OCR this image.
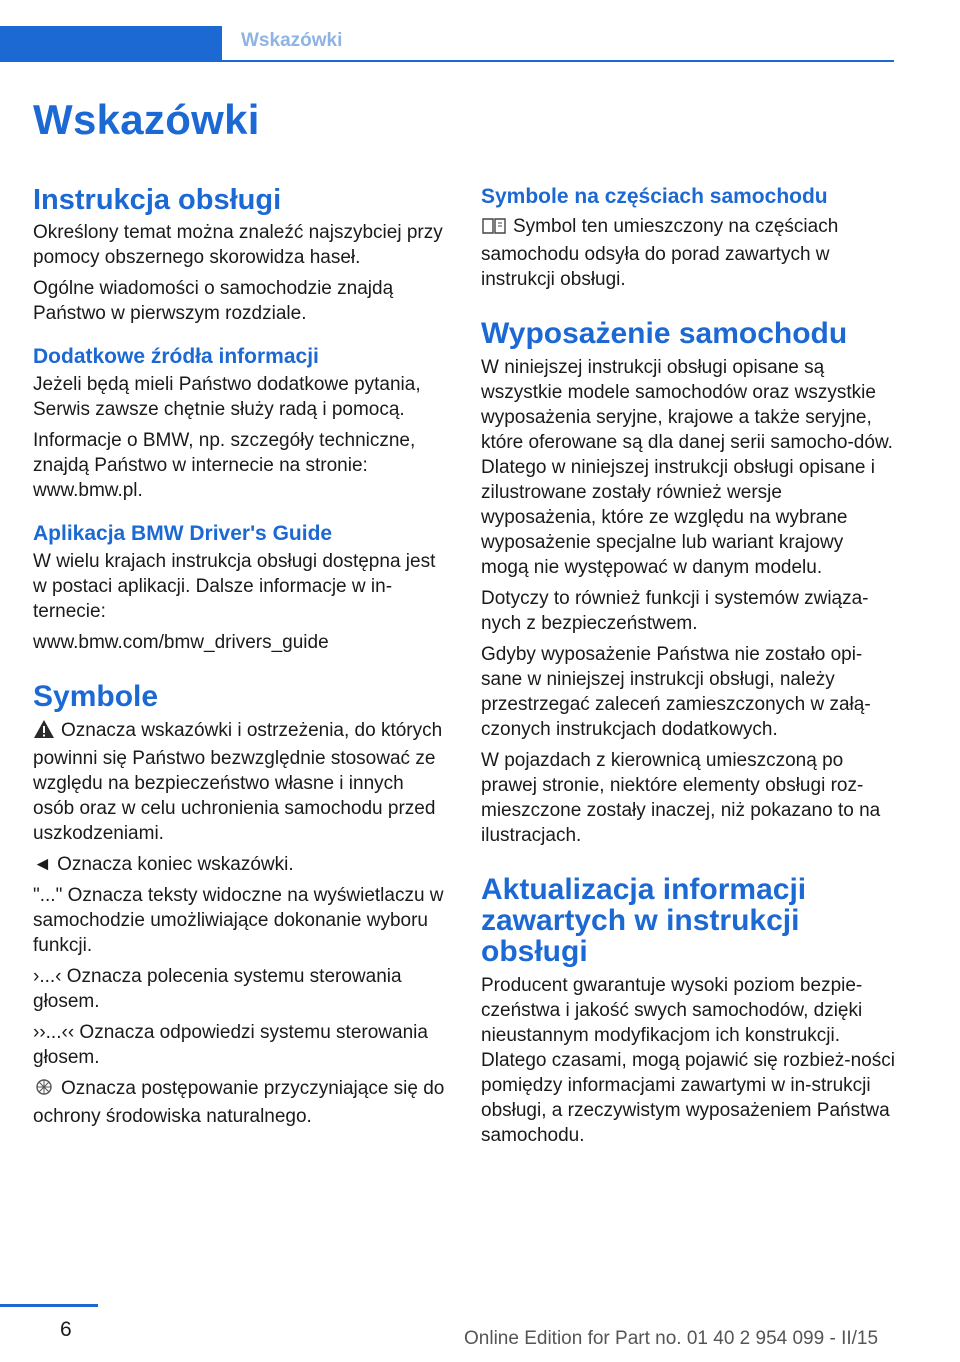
Wskazówki
Wskazówki
Instrukcja obsługi

Określony temat można znaleźć najszybciej przy pomocy obszernego skorowidza haseł.

Ogólne wiadomości o samochodzie znajdą Państwo w pierwszym rozdziale.

Dodatkowe źródła informacji

Jeżeli będą mieli Państwo dodatkowe pytania, Serwis zawsze chętnie służy radą i pomocą.

Informacje o BMW, np. szczegóły techniczne, znajdą Państwo w internecie na stronie: www.bmw.pl.

Aplikacja BMW Driver's Guide

W wielu krajach instrukcja obsługi dostępna jest w postaci aplikacji. Dalsze informacje w in‐ternecie:

www.bmw.com/bmw_drivers_guide

Symbole

Oznacza wskazówki i ostrzeżenia, do których powinni się Państwo bezwzględnie stosować ze względu na bezpieczeństwo własne i innych osób oraz w celu uchronienia samochodu przed uszkodzeniami.

◄ Oznacza koniec wskazówki.

"..." Oznacza teksty widoczne na wyświetlaczu w samochodzie umożliwiające dokonanie wyboru funkcji.

›...‹ Oznacza polecenia systemu sterowania głosem.

››...‹‹ Oznacza odpowiedzi systemu sterowania głosem.

Oznacza postępowanie przyczyniające się do ochrony środowiska naturalnego.

Symbole na częściach samochodu

Symbol ten umieszczony na częściach samochodu odsyła do porad zawartych w instrukcji obsługi.

Wyposażenie samochodu

W niniejszej instrukcji obsługi opisane są wszystkie modele samochodów oraz wszystkie wyposażenia seryjne, krajowe a także seryjne, które oferowane są dla danej serii samocho‐dów. Dlatego w niniejszej instrukcji obsługi opisane i zilustrowane zostały również wersje wyposażenia, które ze względu na wybrane wyposażenie specjalne lub wariant krajowy mogą nie występować w danym modelu.

Dotyczy to również funkcji i systemów związa‐nych z bezpieczeństwem.

Gdyby wyposażenie Państwa nie zostało opi‐sane w niniejszej instrukcji obsługi, należy przestrzegać zaleceń zamieszczonych w załą‐czonych instrukcjach dodatkowych.

W pojazdach z kierownicą umieszczoną po prawej stronie, niektóre elementy obsługi roz‐mieszczone zostały inaczej, niż pokazano to na ilustracjach.

Aktualizacja informacji zawartych w instrukcji obsługi

Producent gwarantuje wysoki poziom bezpie‐czeństwa i jakość swych samochodów, dzięki nieustannym modyfikacjom ich konstrukcji. Dlatego czasami, mogą pojawić się rozbież‐ności pomiędzy informacjami zawartymi w in‐strukcji obsługi, a rzeczywistym wyposażeniem Państwa samochodu.

6	Online Edition for Part no. 01 40 2 954 099 - II/15
